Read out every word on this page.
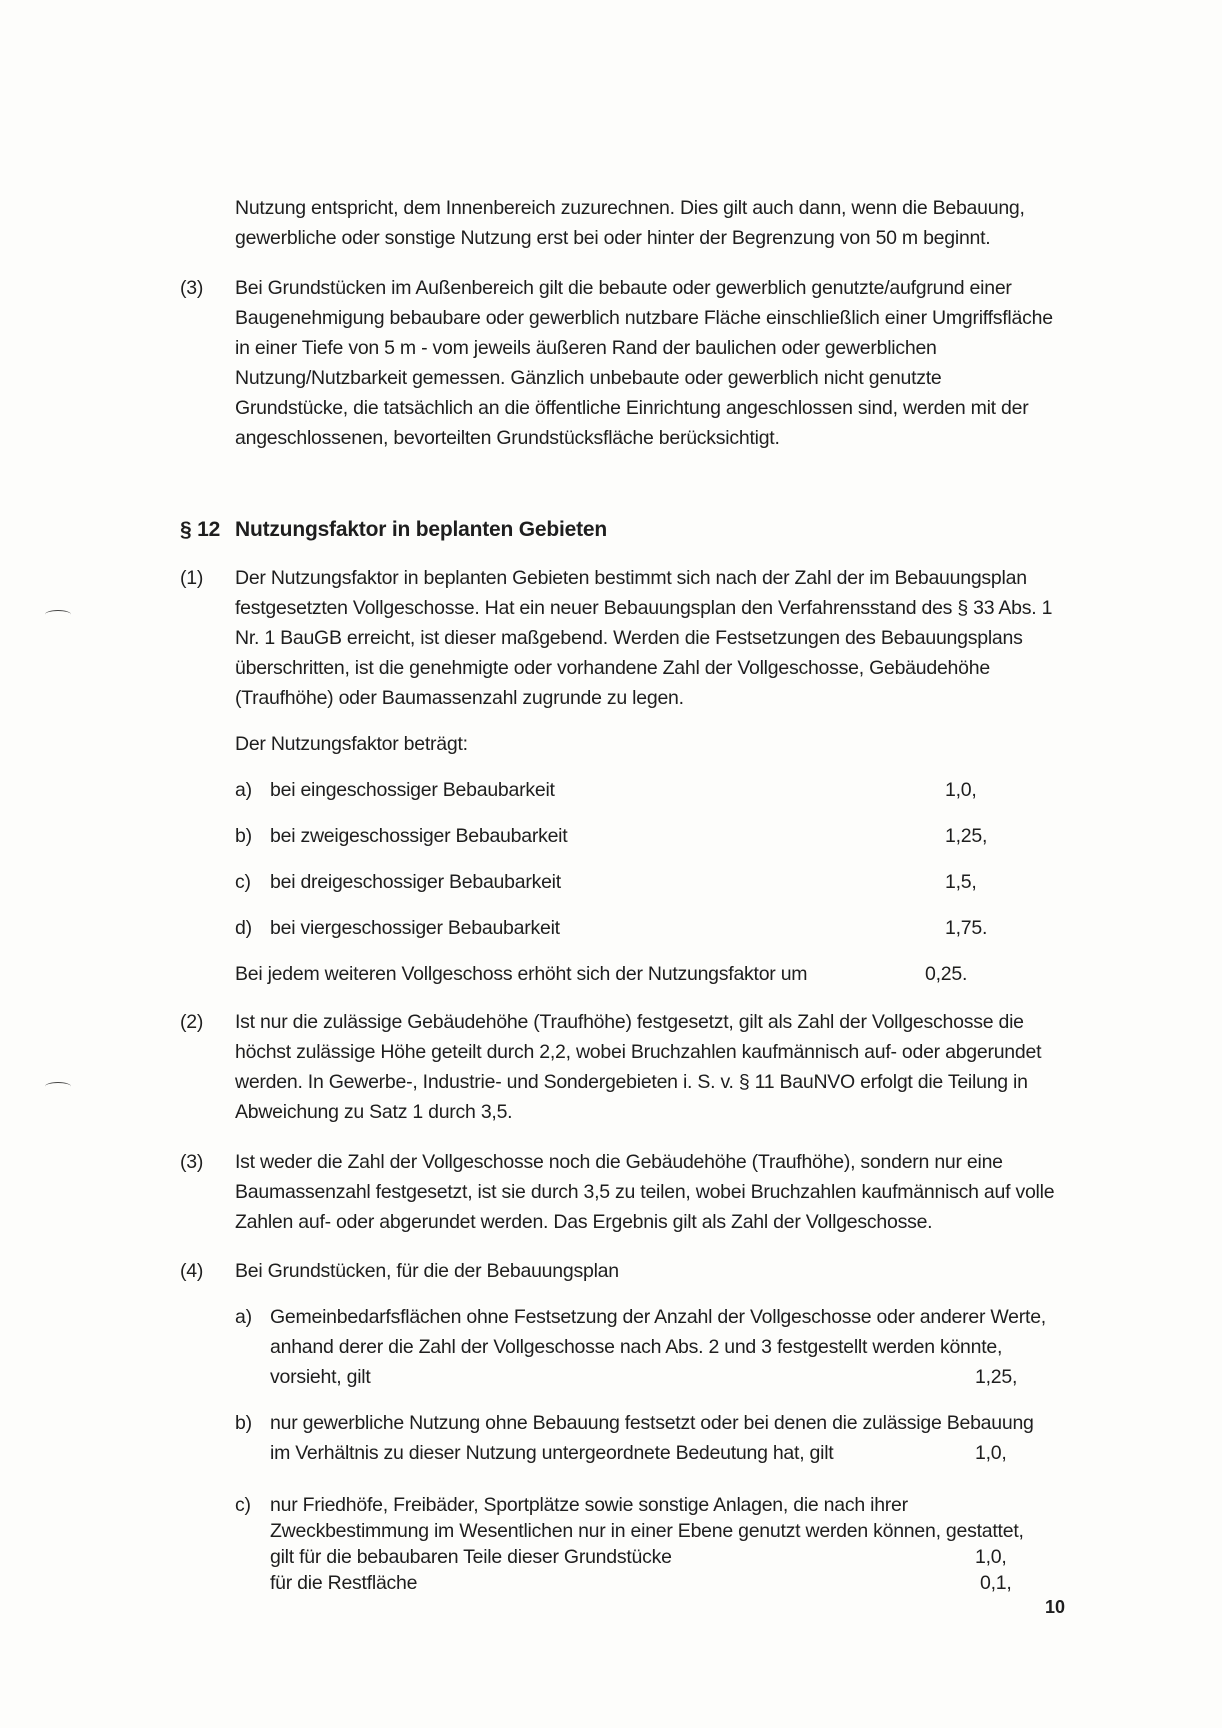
Nutzung entspricht, dem Innenbereich zuzurechnen. Dies gilt auch dann, wenn die Bebauung,

gewerbliche oder sonstige Nutzung erst bei oder hinter der Begrenzung von 50 m beginnt.

(3)	Bei Grundstücken im Außenbereich gilt die bebaute oder gewerblich genutzte/aufgrund einer

Baugenehmigung bebaubare oder gewerblich nutzbare Fläche einschließlich einer Umgriffsfläche

in einer Tiefe von 5 m - vom jeweils äußeren Rand der baulichen oder gewerblichen

Nutzung/Nutzbarkeit gemessen. Gänzlich unbebaute oder gewerblich nicht genutzte

Grundstücke, die tatsächlich an die öffentliche Einrichtung angeschlossen sind, werden mit der

angeschlossenen, bevorteilten Grundstücksfläche berücksichtigt.

§ 12 Nutzungsfaktor in beplanten Gebieten
(1)	Der Nutzungsfaktor in beplanten Gebieten bestimmt sich nach der Zahl der im Bebauungsplan

festgesetzten Vollgeschosse. Hat ein neuer Bebauungsplan den Verfahrensstand des § 33 Abs. 1

Nr. 1 BauGB erreicht, ist dieser maßgebend. Werden die Festsetzungen des Bebauungsplans

überschritten, ist die genehmigte oder vorhandene Zahl der Vollgeschosse, Gebäudehöhe

(Traufhöhe) oder Baumassenzahl zugrunde zu legen.

Der Nutzungsfaktor beträgt:

a) bei eingeschossiger Bebaubarkeit	1,0,
b) bei zweigeschossiger Bebaubarkeit	1,25,
c) bei dreigeschossiger Bebaubarkeit	1,5,
d) bei viergeschossiger Bebaubarkeit	1,75.
Bei jedem weiteren Vollgeschoss erhöht sich der Nutzungsfaktor um	0,25.
(2)	Ist nur die zulässige Gebäudehöhe (Traufhöhe) festgesetzt, gilt als Zahl der Vollgeschosse die

höchst zulässige Höhe geteilt durch 2,2, wobei Bruchzahlen kaufmännisch auf- oder abgerundet

werden. In Gewerbe-, Industrie- und Sondergebieten i. S. v. § 11 BauNVO erfolgt die Teilung in

Abweichung zu Satz 1 durch 3,5.

(3)	Ist weder die Zahl der Vollgeschosse noch die Gebäudehöhe (Traufhöhe), sondern nur eine

Baumassenzahl festgesetzt, ist sie durch 3,5 zu teilen, wobei Bruchzahlen kaufmännisch auf volle

Zahlen auf- oder abgerundet werden. Das Ergebnis gilt als Zahl der Vollgeschosse.

(4)	Bei Grundstücken, für die der Bebauungsplan

a) Gemeinbedarfsflächen ohne Festsetzung der Anzahl der Vollgeschosse oder anderer Werte,
anhand derer die Zahl der Vollgeschosse nach Abs. 2 und 3 festgestellt werden könnte,
vorsieht, gilt	1,25,
b) nur gewerbliche Nutzung ohne Bebauung festsetzt oder bei denen die zulässige Bebauung
im Verhältnis zu dieser Nutzung untergeordnete Bedeutung hat, gilt	1,0,
c) nur Friedhöfe, Freibäder, Sportplätze sowie sonstige Anlagen, die nach ihrer
Zweckbestimmung im Wesentlichen nur in einer Ebene genutzt werden können, gestattet,
gilt für die bebaubaren Teile dieser Grundstücke	1,0,
für die Restfläche	0,1,
10
